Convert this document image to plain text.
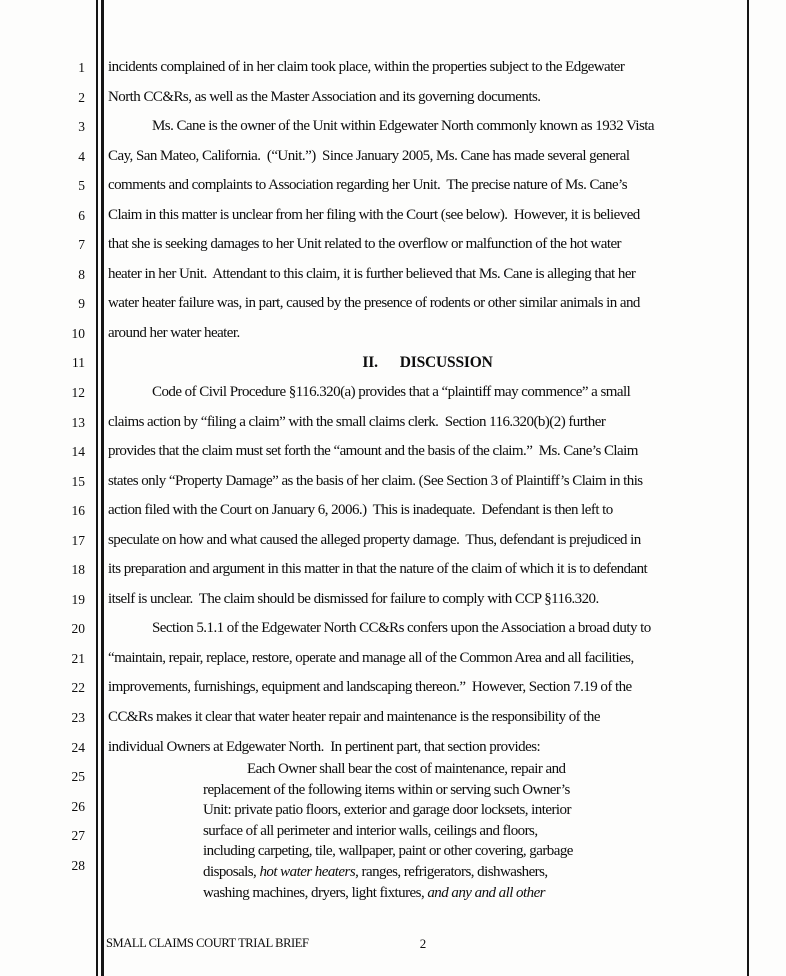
1
2
3
4
5
6
7
8
9
10
11
12
13
14
15
16
17
18
19
20
21
22
23
24
25
26
27
28
incidents complained of in her claim took place, within the properties subject to the Edgewater
North CC&Rs, as well as the Master Association and its governing documents.
Ms. Cane is the owner of the Unit within Edgewater North commonly known as 1932 Vista
Cay, San Mateo, California.  (“Unit.”)  Since January 2005, Ms. Cane has made several general
comments and complaints to Association regarding her Unit.  The precise nature of Ms. Cane’s
Claim in this matter is unclear from her filing with the Court (see below).  However, it is believed
that she is seeking damages to her Unit related to the overflow or malfunction of the hot water
heater in her Unit.  Attendant to this claim, it is further believed that Ms. Cane is alleging that her
water heater failure was, in part, caused by the presence of rodents or other similar animals in and
around her water heater.
II.      DISCUSSION
Code of Civil Procedure §116.320(a) provides that a “plaintiff may commence” a small
claims action by “filing a claim” with the small claims clerk.  Section 116.320(b)(2) further
provides that the claim must set forth the “amount and the basis of the claim.”  Ms. Cane’s Claim
states only “Property Damage” as the basis of her claim. (See Section 3 of Plaintiff’s Claim in this
action filed with the Court on January 6, 2006.)  This is inadequate.  Defendant is then left to
speculate on how and what caused the alleged property damage.  Thus, defendant is prejudiced in
its preparation and argument in this matter in that the nature of the claim of which it is to defendant
itself is unclear.  The claim should be dismissed for failure to comply with CCP §116.320.
Section 5.1.1 of the Edgewater North CC&Rs confers upon the Association a broad duty to
“maintain, repair, replace, restore, operate and manage all of the Common Area and all facilities,
improvements, furnishings, equipment and landscaping thereon.”  However, Section 7.19 of the
CC&Rs makes it clear that water heater repair and maintenance is the responsibility of the
individual Owners at Edgewater North.  In pertinent part, that section provides:
Each Owner shall bear the cost of maintenance, repair and
replacement of the following items within or serving such Owner’s
Unit: private patio floors, exterior and garage door locksets, interior
surface of all perimeter and interior walls, ceilings and floors,
including carpeting, tile, wallpaper, paint or other covering, garbage
disposals, hot water heaters, ranges, refrigerators, dishwashers,
washing machines, dryers, light fixtures, and any and all other
SMALL CLAIMS COURT TRIAL BRIEF	2
